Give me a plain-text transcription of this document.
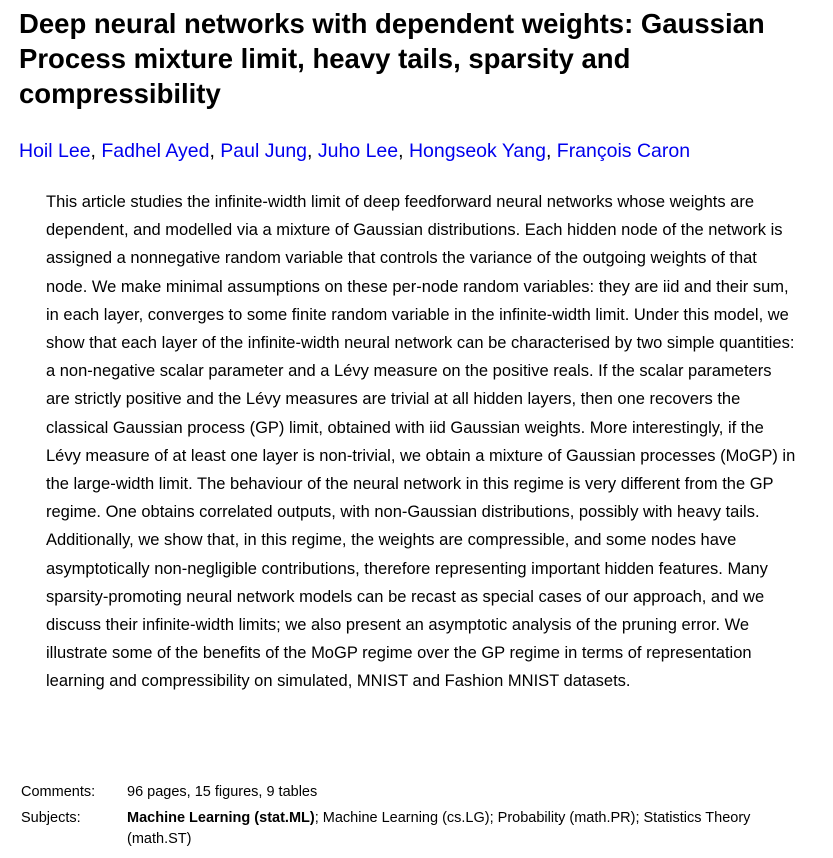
Deep neural networks with dependent weights: Gaussian Process mixture limit, heavy tails, sparsity and compressibility
Hoil Lee, Fadhel Ayed, Paul Jung, Juho Lee, Hongseok Yang, François Caron

This article studies the infinite-width limit of deep feedforward neural networks whose weights are dependent, and modelled via a mixture of Gaussian distributions. Each hidden node of the network is assigned a nonnegative random variable that controls the variance of the outgoing weights of that node. We make minimal assumptions on these per-node random variables: they are iid and their sum, in each layer, converges to some finite random variable in the infinite-width limit. Under this model, we show that each layer of the infinite-width neural network can be characterised by two simple quantities: a non-negative scalar parameter and a Lévy measure on the positive reals. If the scalar parameters are strictly positive and the Lévy measures are trivial at all hidden layers, then one recovers the classical Gaussian process (GP) limit, obtained with iid Gaussian weights. More interestingly, if the Lévy measure of at least one layer is non-trivial, we obtain a mixture of Gaussian processes (MoGP) in the large-width limit. The behaviour of the neural network in this regime is very different from the GP regime. One obtains correlated outputs, with non-Gaussian distributions, possibly with heavy tails. Additionally, we show that, in this regime, the weights are compressible, and some nodes have asymptotically non-negligible contributions, therefore representing important hidden features. Many sparsity-promoting neural network models can be recast as special cases of our approach, and we discuss their infinite-width limits; we also present an asymptotic analysis of the pruning error. We illustrate some of the benefits of the MoGP regime over the GP regime in terms of representation learning and compressibility on simulated, MNIST and Fashion MNIST datasets.

Comments:	96 pages, 15 figures, 9 tables
Subjects:	Machine Learning (stat.ML); Machine Learning (cs.LG); Probability (math.PR); Statistics Theory (math.ST)
